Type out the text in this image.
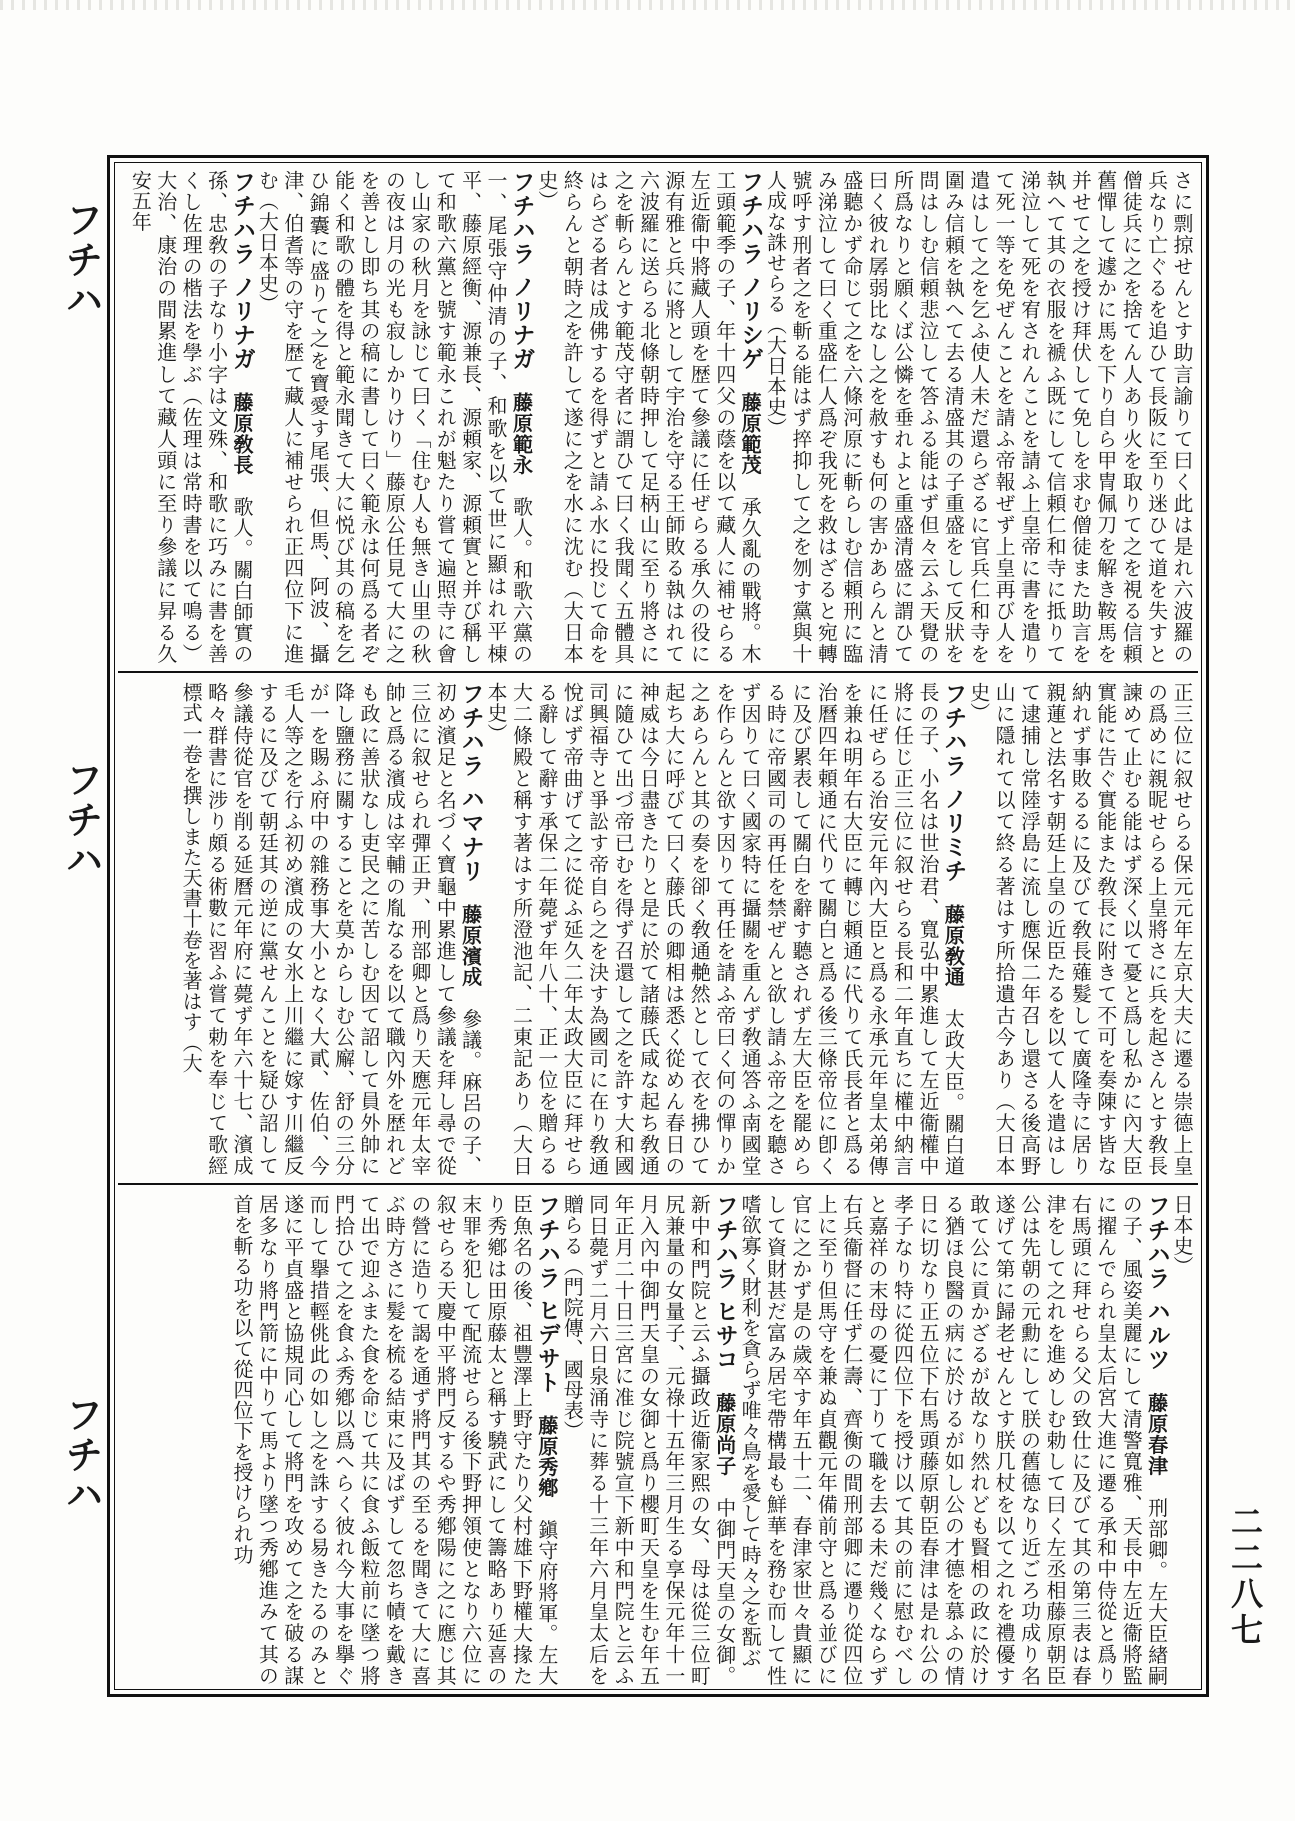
フチハ
フチハ
フチハ
二二八七

さに剽掠せんとす助言諭りて曰く此は是れ六波羅の兵なり亡ぐるを追ひて長阪に至り迷ひて道を失すと僧徒兵に之を捨てん人あり火を取りて之を視る信頼舊憚して遽かに馬を下り自ら甲冑佩刀を解き鞍馬を并せて之を授け拜伏して免しを求む僧徒また助言を執へて其の衣服を褫ふ既にして信頼仁和寺に抵りて涕泣して死を宥されんことを請ふ上皇帝に書を遣りて死一等を免ぜんことを請ふ帝報ぜず上皇再び人を遣はして之を乞ふ使人未だ還らざるに官兵仁和寺を圍み信頼を執へて去る清盛其の子重盛をして反狀を問はしむ信頼悲泣して答ふる能はず但々云ふ天覺の所爲なりと願くば公憐を垂れよと重盛清盛に謂ひて曰く彼れ孱弱比なし之を赦すも何の害かあらんと清盛聽かず命じて之を六條河原に斬らしむ信頼刑に臨み涕泣して曰く重盛仁人爲ぞ我死を救はざると宛轉號呼す刑者之を斬る能はず捽抑して之を刎す黨與十人成な誅せらる（大日本史）

フチハラ ノリシゲ　藤原範茂　承久亂の戰將。木工頭範季の子、年十四父の蔭を以て藏人に補せらる左近衞中將藏人頭を歴て參議に任ぜらる承久の役に源有雅と兵に將として宇治を守る王師敗る執はれて六波羅に送らる北條朝時押して足柄山に至り將さに之を斬らんとす範茂守者に謂ひて曰く我聞く五體具はらざる者は成佛するを得ずと請ふ水に投じて命を終らんと朝時之を許して遂に之を水に沈む（大日本史）

フチハラ ノリナガ　藤原範永　歌人。和歌六黨の一、尾張守仲清の子、和歌を以て世に顯はれ平棟平、藤原經衡、源兼長、源頼家、源頼實と并び稱して和歌六黨と號す範永これが魁たり嘗て遍照寺に會し山家の秋月を詠じて曰く「住む人も無き山里の秋の夜は月の光も寂しかりけり」藤原公任見て大に之を善とし即ち其の稿に書して曰く範永は何爲る者ぞ能く和歌の體を得と範永聞きて大に悦び其の稿を乞ひ錦囊に盛りて之を寶愛す尾張、但馬、阿波、攝津、伯耆等の守を歴て藏人に補せられ正四位下に進む（大日本史）

フチハラ ノリナガ　藤原敎長　歌人。關白師實の孫、忠敎の子なり小字は文殊、和歌に巧みに書を善くし佐理の楷法を學ぶ（佐理は常時書を以て鳴る）大治、康治の間累進して藏人頭に至り參議に昇る久安五年

正三位に叙せらる保元元年左京大夫に遷る崇德上皇の爲めに親昵せらる上皇將さに兵を起さんとす敎長諫めて止むる能はず深く以て憂と爲し私かに內大臣實能に告ぐ實能また敎長に附きて不可を奏陳す皆な納れず事敗るるに及びて敎長薙髮して廣隆寺に居り親蓮と法名す朝廷上皇の近臣たるを以て人を遣はして逮捕し常陸浮島に流し應保二年召し還さる後高野山に隱れて以て終る著はす所拾遺古今あり（大日本史）

フチハラ ノリミチ　藤原敎通　太政大臣。關白道長の子、小名は世治君、寬弘中累進して左近衞權中將に任じ正三位に叙せらる長和二年直ちに權中納言に任ぜらる治安元年內大臣と爲る永承元年皇太弟傳を兼ね明年右大臣に轉じ頼通に代りて氏長者と爲る治曆四年頼通に代りて關白と爲る後三條帝位に卽くに及び累表して關白を辭す聽されず左大臣を罷めらる時に帝國司の再任を禁ぜんと欲し請ふ帝之を聽さず因りて曰く國家特に攝關を重んず敎通答ふ南國堂を作らんと欲す因りて再任を請ふ帝曰く何の憚りか之あらんと其の奏を卻く敎通艴然として衣を拂ひて起ち大に呼びて曰く藤氏の卿相は悉く從めん春日の神威は今日盡きたりと是に於て諸藤氏咸な起ち敎通に隨ひて出づ帝已むを得ず召還して之を許す大和國司興福寺と爭訟す帝自ら之を決す為國司に在り敎通悅ばず帝曲げて之に從ふ延久二年太政大臣に拜せらる辭して辭す承保二年薨ず年八十、正一位を贈らる大二條殿と稱す著はす所澄池記、二東記あり（大日本史）

フチハラ ハマナリ　藤原濱成　參議。麻呂の子、初め濱足と名づく寶龜中累進して參議を拜し尋で從三位に叙せられ彈正尹、刑部卿と爲り天應元年太宰帥と爲る濱成は宰輔の胤なるを以て職內外を歴れども政に善狀なし吏民之に苦しむ因て詔して員外帥に降し鹽務に關することを莫からしむ公廨、舒の三分が一を賜ふ府中の雜務事大小となく大貳、佐伯、今毛人等之を行ふ初め濱成の女氷上川繼に嫁す川繼反するに及びて朝廷其の逆に黨せんことを疑ひ詔して參議侍從官を削る延曆元年府に薨ず年六十七、濱成略々群書に涉り頗る術數に習ふ嘗て勅を奉じて歌經標式一卷を撰しまた天書十卷を著はす（大

日本史）

フチハラ ハルツ　藤原春津　刑部卿。左大臣緖嗣の子、風姿美麗にして清警寬雅、天長中左近衞將監に擢んでられ皇太后宮大進に遷る承和中侍從と爲り右馬頭に拜せらる父の致仕に及びて其の第三表は春津をして之れを進めしむ勅して曰く左丞相藤原朝臣公は先朝の元勳にして朕の舊德なり近ごろ功成り名遂げて第に歸老せんとす朕几杖を以て之れを禮優す敢て公に貢かざるが故なり然れども賢相の政に於ける猶ほ良醫の病に於けるが如し公の才德を慕ふの情日に切なり正五位下右馬頭藤原朝臣春津は是れ公の孝子なり特に從四位下を授け以て其の前に慰むべしと嘉祥の末母の憂に丁りて職を去る未だ幾くならず右兵衞督に任ず仁壽、齊衡の間刑部卿に遷り從四位上に至り但馬守を兼ぬ貞觀元年備前守と爲る並びに官に之かず是の歲卒す年五十二、春津家世々貴顯にして資財甚だ富み居宅帶構最も鮮華を務む而して性嗜欲寡く財利を貪らず唯々鳥を愛して時々之を翫ぶ

フチハラ ヒサコ　藤原尚子　中御門天皇の女御。新中和門院と云ふ攝政近衞家熙の女、母は從三位町尻兼量の女量子、元祿十五年三月生る享保元年十一月入內中御門天皇の女御と爲り櫻町天皇を生む年五年正月二十日三宮に准じ院號宣下新中和門院と云ふ同日薨ず二月六日泉涌寺に葬る十三年六月皇太后を贈らる（門院傳、國母表）

フチハラ ヒデサト　藤原秀鄕　鎭守府將軍。左大臣魚名の後、祖豐澤上野守たり父村雄下野權大掾たり秀鄕は田原藤太と稱す驍武にして籌略あり延喜の末罪を犯して配流せらる後下野押領使となり六位に叙せらる天慶中平將門反するや秀鄕陽に之に應じ其の營に造りて謁を通ず將門其の至るを聞きて大に喜ぶ時方さに髮を梳る結束に及ばずして忽ち幘を戴きて出で迎ふまた食を命じて共に食ふ飯粒前に墜つ將門拾ひて之を食ふ秀鄕以爲へらく彼れ今大事を擧ぐ而して擧措輕佻此の如し之を誅する易きたるのみと遂に平貞盛と協規同心して將門を攻めて之を破る謀居多なり將門箭に中りて馬より墜つ秀鄕進みて其の首を斬る功を以て從四位下を授けられ功
